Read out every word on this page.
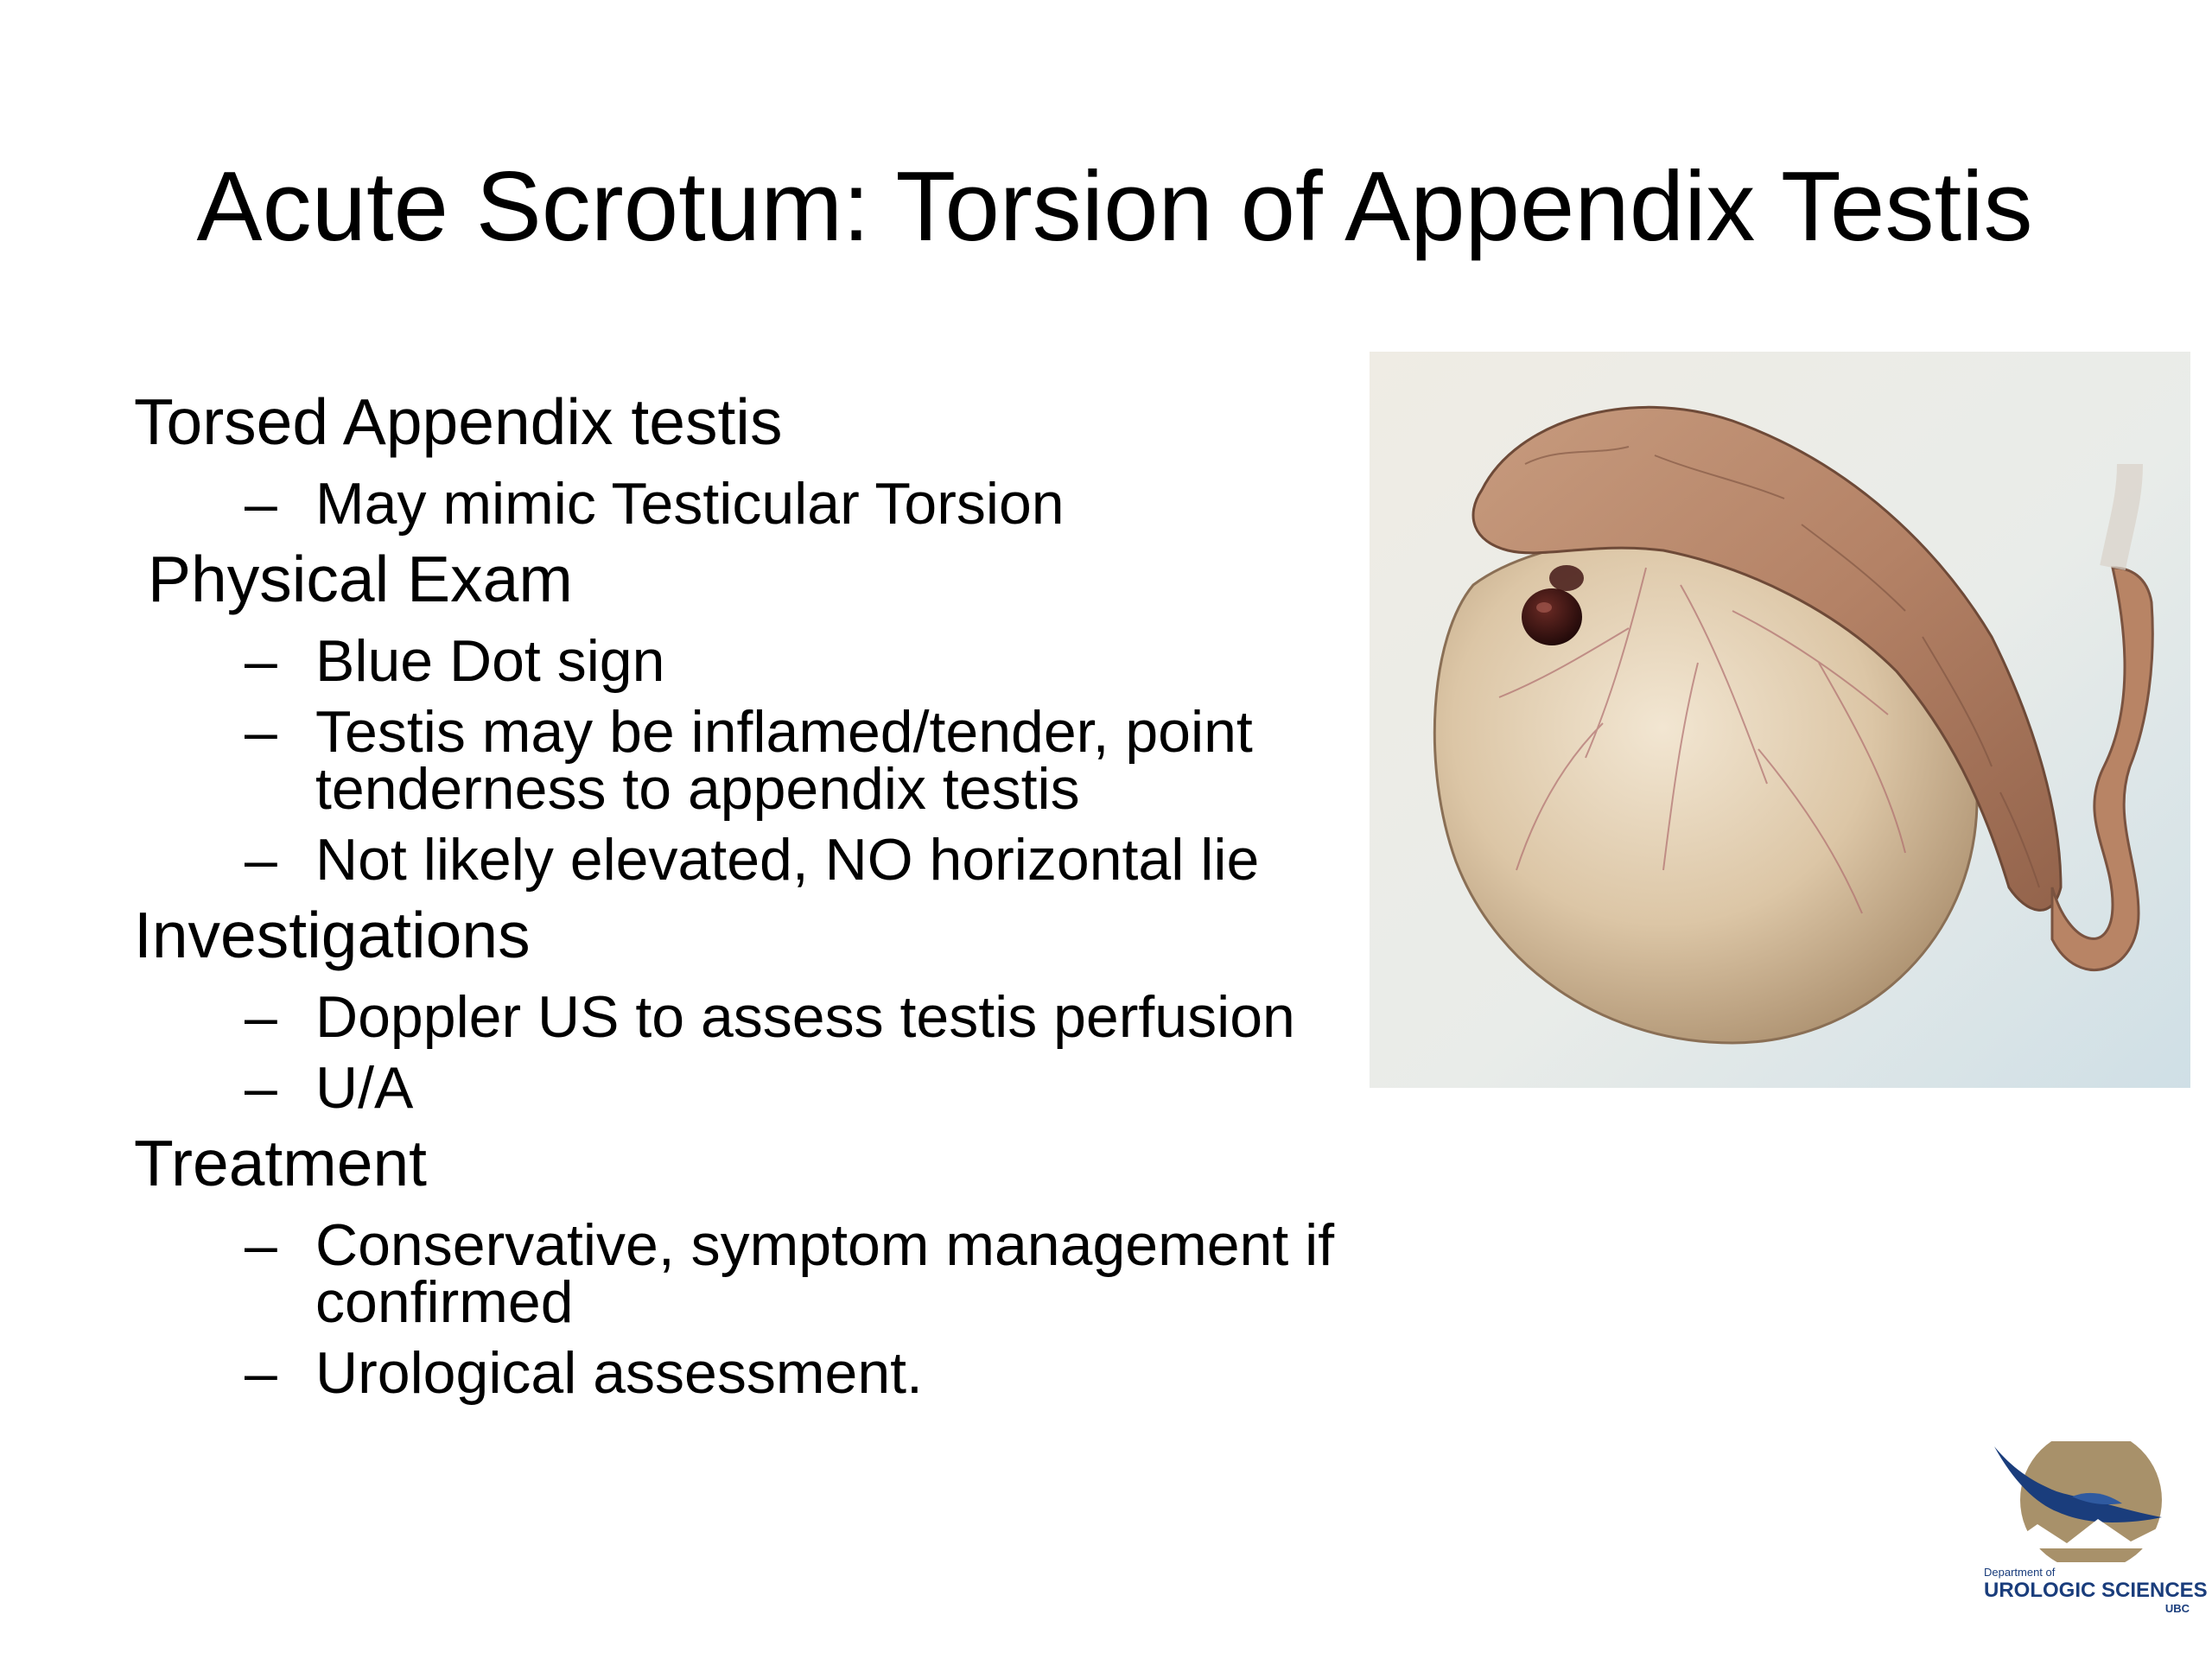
Acute Scrotum: Torsion of Appendix Testis
Torsed Appendix testis
– May mimic Testicular Torsion
Physical Exam
– Blue Dot sign
– Testis may be inflamed/tender, point tenderness to appendix testis
– Not likely elevated, NO horizontal lie
Investigations
– Doppler US to assess testis perfusion
– U/A
Treatment
– Conservative, symptom management if confirmed
– Urological assessment.
Department of
UROLOGIC SCIENCES
UBC
